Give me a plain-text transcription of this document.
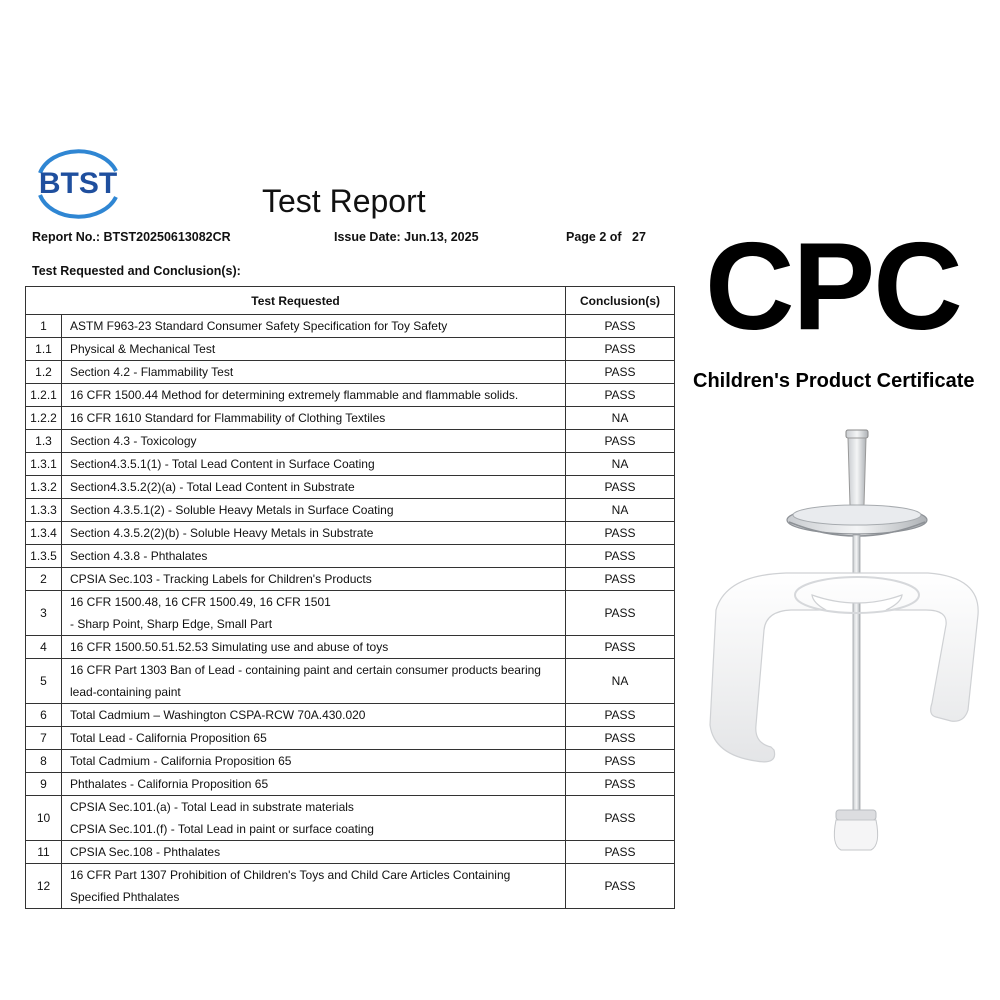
BTST	Test Report
Report No.: BTST20250613082CR	Issue Date: Jun.13, 2025	Page 2 of   27
Test Requested and Conclusion(s):
Test Requested		Conclusion(s)
1	ASTM F963-23 Standard Consumer Safety Specification for Toy Safety	PASS
1.1	Physical & Mechanical Test	PASS
1.2	Section 4.2 - Flammability Test	PASS
1.2.1	16 CFR 1500.44 Method for determining extremely flammable and flammable solids.	PASS
1.2.2	16 CFR 1610 Standard for Flammability of Clothing Textiles	NA
1.3	Section 4.3 - Toxicology	PASS
1.3.1	Section4.3.5.1(1) - Total Lead Content in Surface Coating	NA
1.3.2	Section4.3.5.2(2)(a) - Total Lead Content in Substrate	PASS
1.3.3	Section 4.3.5.1(2) - Soluble Heavy Metals in Surface Coating	NA
1.3.4	Section 4.3.5.2(2)(b) - Soluble Heavy Metals in Substrate	PASS
1.3.5	Section 4.3.8 - Phthalates	PASS
2	CPSIA Sec.103 - Tracking Labels for Children's Products	PASS
3	16 CFR 1500.48, 16 CFR 1500.49, 16 CFR 1501
- Sharp Point, Sharp Edge, Small Part	PASS
4	16 CFR 1500.50.51.52.53 Simulating use and abuse of toys	PASS
5	16 CFR Part 1303 Ban of Lead - containing paint and certain consumer products bearing
lead-containing paint	NA
6	Total Cadmium – Washington CSPA-RCW 70A.430.020	PASS
7	Total Lead - California Proposition 65	PASS
8	Total Cadmium - California Proposition 65	PASS
9	Phthalates - California Proposition 65	PASS
10	CPSIA Sec.101.(a) - Total Lead in substrate materials
CPSIA Sec.101.(f) - Total Lead in paint or surface coating	PASS
11	CPSIA Sec.108 - Phthalates	PASS
12	16 CFR Part 1307 Prohibition of Children's Toys and Child Care Articles Containing
Specified Phthalates	PASS
CPC
Children's Product Certificate
